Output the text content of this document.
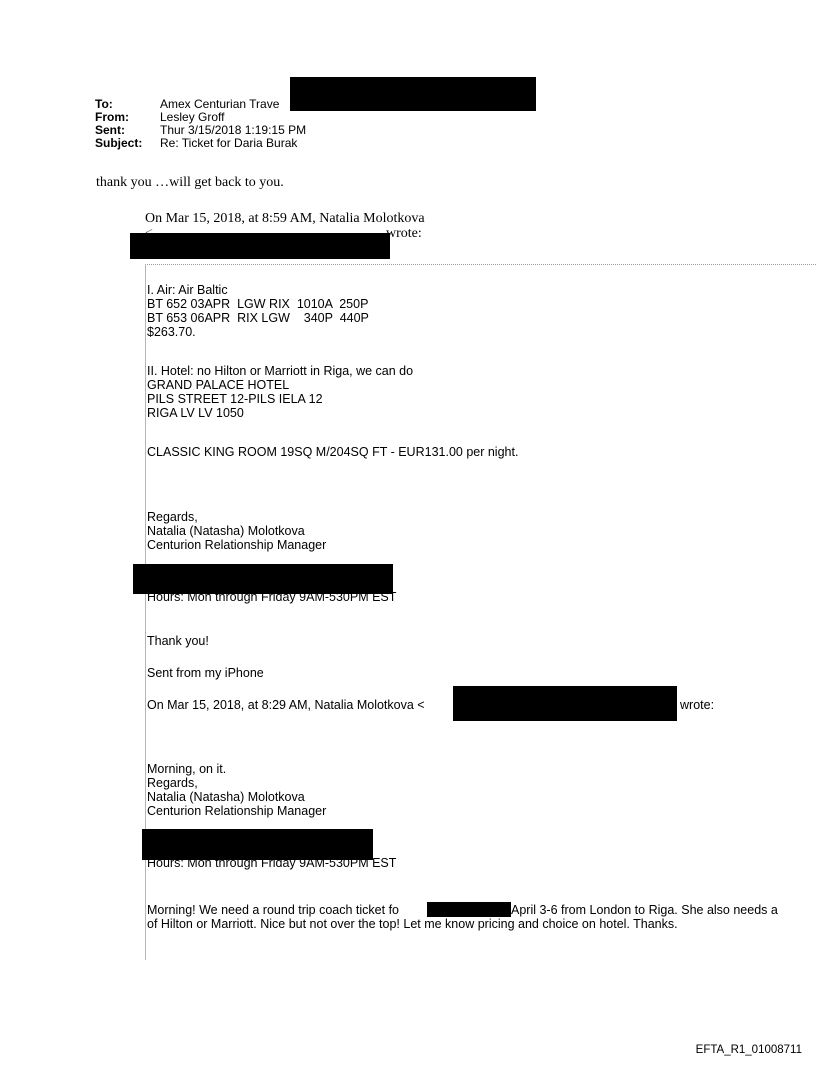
To:	Amex Centurian Trave
From:	Lesley Groff
Sent:	Thur 3/15/2018 1:19:15 PM
Subject: Re: Ticket for Daria Burak
thank you …will get back to you.
On Mar 15, 2018, at 8:59 AM, Natalia Molotkova
wrote:
I. Air: Air Baltic
BT 652 03APR  LGW RIX  1010A  250P
BT 653 06APR  RIX LGW    340P  440P
$263.70.
II. Hotel: no Hilton or Marriott in Riga, we can do
GRAND PALACE HOTEL
PILS STREET 12-PILS IELA 12
RIGA LV LV 1050
CLASSIC KING ROOM 19SQ M/204SQ FT - EUR131.00 per night.
Regards,
Natalia (Natasha) Molotkova
Centurion Relationship Manager
Hours: Mon through Friday 9AM-530PM EST
Thank you!
Sent from my iPhone
On Mar 15, 2018, at 8:29 AM, Natalia Molotkova <	wrote:
Morning, on it.
Regards,
Natalia (Natasha) Molotkova
Centurion Relationship Manager
Hours: Mon through Friday 9AM-530PM EST
Morning! We need a round trip coach ticket fo	April 3-6 from London to Riga. She also needs a
of Hilton or Marriott. Nice but not over the top! Let me know pricing and choice on hotel. Thanks.
EFTA_R1_01008711
